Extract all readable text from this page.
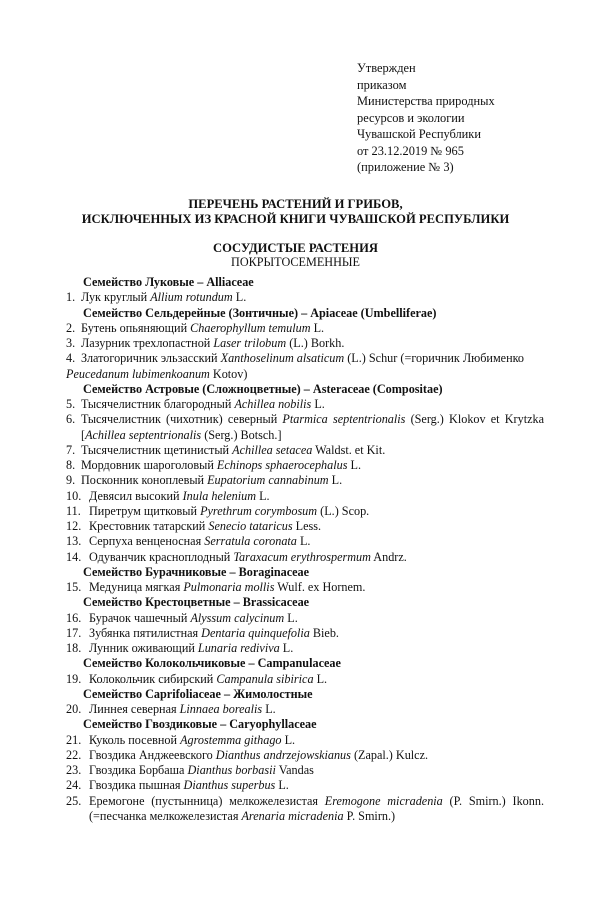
Утвержден
приказом
Министерства природных
ресурсов и экологии
Чувашской Республики
от 23.12.2019 № 965
(приложение № 3)
ПЕРЕЧЕНЬ РАСТЕНИЙ И ГРИБОВ,
ИСКЛЮЧЕННЫХ ИЗ КРАСНОЙ КНИГИ ЧУВАШСКОЙ РЕСПУБЛИКИ
СОСУДИСТЫЕ РАСТЕНИЯ
ПОКРЫТОСЕМЕННЫЕ
Семейство Луковые – Alliaceae
1. Лук круглый Allium rotundum L.
Семейство Сельдерейные (Зонтичные) – Apiaceae (Umbelliferae)
2. Бутень опьяняющий Chaerophyllum temulum L.
3. Лазурник трехлопастной Laser trilobum (L.) Borkh.
4. Златогоричник эльзасский Xanthoselinum alsaticum (L.) Schur (=горичник Любименко
Peucedanum lubimenkoanum Kotov)
Семейство Астровые (Сложноцветные) – Asteraceae (Compositae)
5. Тысячелистник благородный Achillea nobilis L.
6. Тысячелистник (чихотник) северный Ptarmica septentrionalis (Serg.) Klokov et Krytzka [Achillea septentrionalis (Serg.) Botsch.]
7. Тысячелистник щетинистый Achillea setacea Waldst. et Kit.
8. Мордовник шароголовый Echinops sphaerocephalus L.
9. Посконник коноплевый Eupatorium cannabinum L.
10. Девясил высокий Inula helenium L.
11. Пиретрум щитковый Pyrethrum corymbosum (L.) Scop.
12. Крестовник татарский Senecio tataricus Less.
13. Серпуха венценосная Serratula coronata L.
14. Одуванчик краснoплодный Taraxacum erythrospermum Andrz.
Семейство Бурачниковые – Boraginaceae
15. Медуница мягкая Pulmonaria mollis Wulf. ex Hornem.
Семейство Крестоцветные – Brassicaceae
16. Бурачок чашечный Alyssum calycinum L.
17. Зубянка пятилистная Dentaria quinquefolia Bieb.
18. Лунник оживающий Lunaria rediviva L.
Семейство Колокольчиковые – Campanulaceae
19. Колокольчик сибирский Campanula sibirica L.
Семейство Caprifoliaceae – Жимолостные
20. Линнея северная Linnaea borealis L.
Семейство Гвоздиковые – Caryophyllaceae
21. Куколь посевной Agrostemma githago L.
22. Гвоздика Анджеевского Dianthus andrzejowskianus (Zapal.) Kulcz.
23. Гвоздика Борбаша Dianthus borbasii Vandas
24. Гвоздика пышная Dianthus superbus L.
25. Еремогоне (пустынница) мелкожелезистая Eremogone micradenia (P. Smirn.) Ikonn. (=песчанка мелкожелезистая Arenaria micradenia P. Smirn.)
